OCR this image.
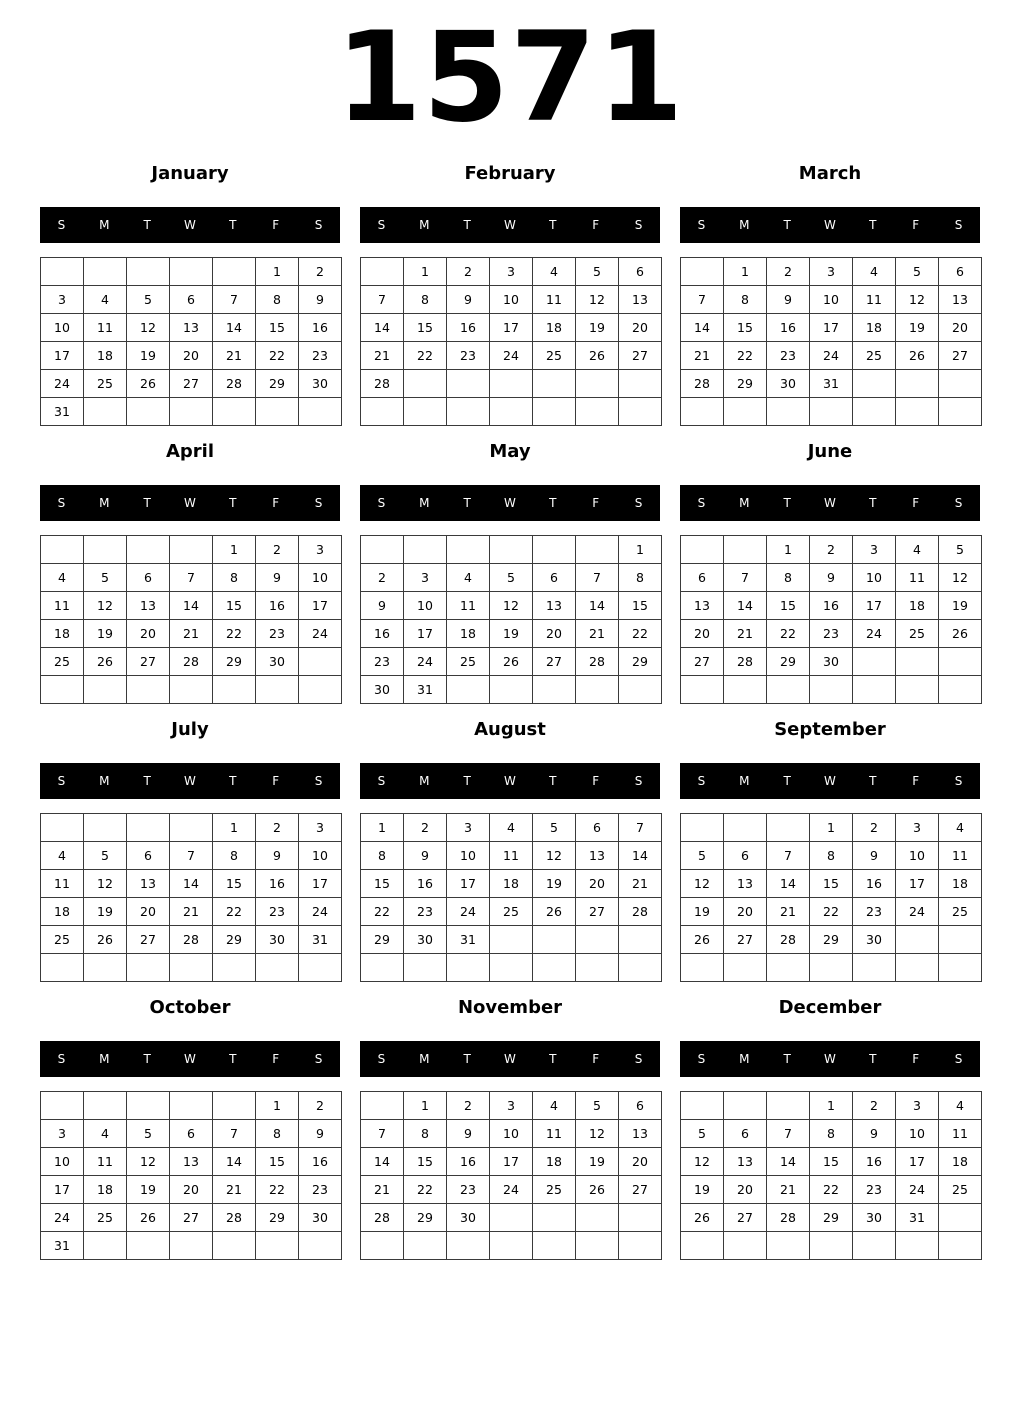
1571
January
S	M	T	W	T	F	S
					1	2
3	4	5	6	7	8	9
10	11	12	13	14	15	16
17	18	19	20	21	22	23
24	25	26	27	28	29	30
31						
February
S	M	T	W	T	F	S
	1	2	3	4	5	6
7	8	9	10	11	12	13
14	15	16	17	18	19	20
21	22	23	24	25	26	27
28						

March
S	M	T	W	T	F	S
	1	2	3	4	5	6
7	8	9	10	11	12	13
14	15	16	17	18	19	20
21	22	23	24	25	26	27
28	29	30	31			

April
S	M	T	W	T	F	S
				1	2	3
4	5	6	7	8	9	10
11	12	13	14	15	16	17
18	19	20	21	22	23	24
25	26	27	28	29	30	

May
S	M	T	W	T	F	S
						1
2	3	4	5	6	7	8
9	10	11	12	13	14	15
16	17	18	19	20	21	22
23	24	25	26	27	28	29
30	31					
June
S	M	T	W	T	F	S
		1	2	3	4	5
6	7	8	9	10	11	12
13	14	15	16	17	18	19
20	21	22	23	24	25	26
27	28	29	30			

July
S	M	T	W	T	F	S
				1	2	3
4	5	6	7	8	9	10
11	12	13	14	15	16	17
18	19	20	21	22	23	24
25	26	27	28	29	30	31

August
S	M	T	W	T	F	S
1	2	3	4	5	6	7
8	9	10	11	12	13	14
15	16	17	18	19	20	21
22	23	24	25	26	27	28
29	30	31				

September
S	M	T	W	T	F	S
			1	2	3	4
5	6	7	8	9	10	11
12	13	14	15	16	17	18
19	20	21	22	23	24	25
26	27	28	29	30		

October
S	M	T	W	T	F	S
					1	2
3	4	5	6	7	8	9
10	11	12	13	14	15	16
17	18	19	20	21	22	23
24	25	26	27	28	29	30
31						
November
S	M	T	W	T	F	S
	1	2	3	4	5	6
7	8	9	10	11	12	13
14	15	16	17	18	19	20
21	22	23	24	25	26	27
28	29	30				

December
S	M	T	W	T	F	S
			1	2	3	4
5	6	7	8	9	10	11
12	13	14	15	16	17	18
19	20	21	22	23	24	25
26	27	28	29	30	31	
